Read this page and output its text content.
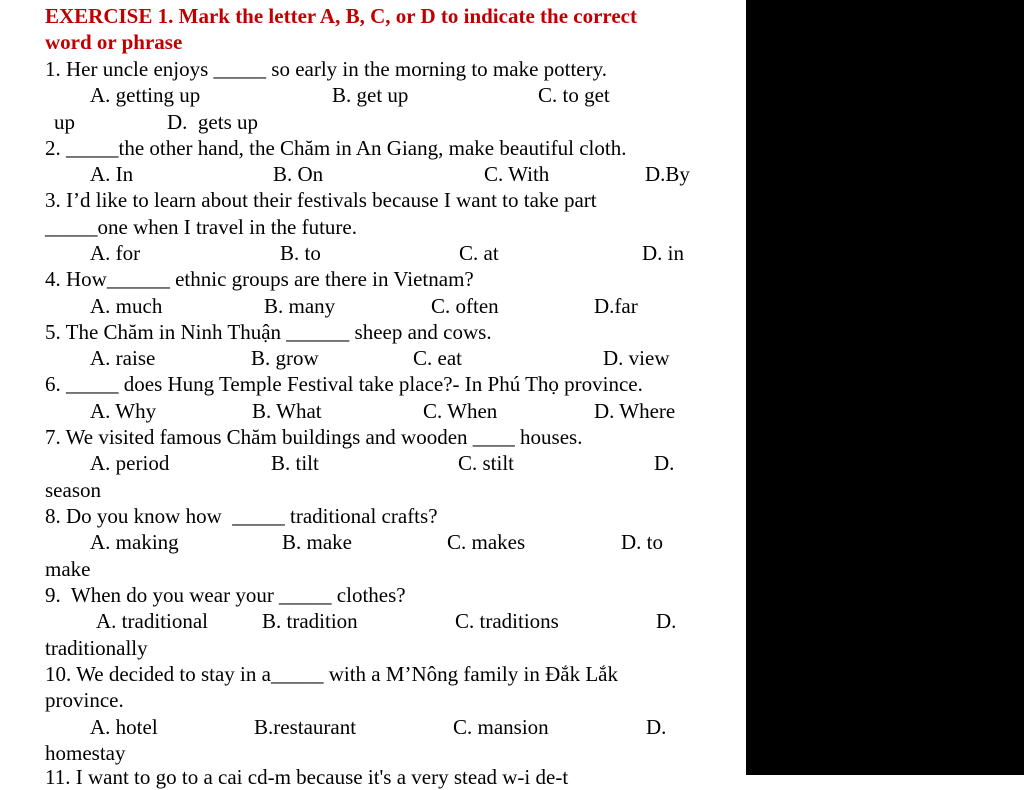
EXERCISE 1. Mark the letter A, B, C, or D to indicate the correct
word or phrase
1. Her uncle enjoys _____ so early in the morning to make pottery.
A. getting up	B. get up	C. to get
up	D.  gets up
2. _____the other hand, the Chăm in An Giang, make beautiful cloth.
A. In	B. On	C. With	D.By
3. I’d like to learn about their festivals because I want to take part
_____one when I travel in the future.
A. for	B. to	C. at	D. in
4. How______ ethnic groups are there in Vietnam?
A. much	B. many	C. often	D.far
5. The Chăm in Ninh Thuận ______ sheep and cows.
A. raise	B. grow	C. eat	D. view
6. _____ does Hung Temple Festival take place?- In Phú Thọ province.
A. Why	B. What	C. When	D. Where
7. We visited famous Chăm buildings and wooden ____ houses.
A. period	B. tilt	C. stilt	D.
season
8. Do you know how  _____ traditional crafts?
A. making	B. make	C. makes	D. to
make
9.  When do you wear your _____ clothes?
A. traditional	B. tradition	C. traditions	D.
traditionally
10. We decided to stay in a_____ with a M’Nông family in Đắk Lắk
province.
A. hotel	B.restaurant	C. mansion	D.
homestay
11. I want to go to a cai cd-m because it's a very stead w-i de-t
